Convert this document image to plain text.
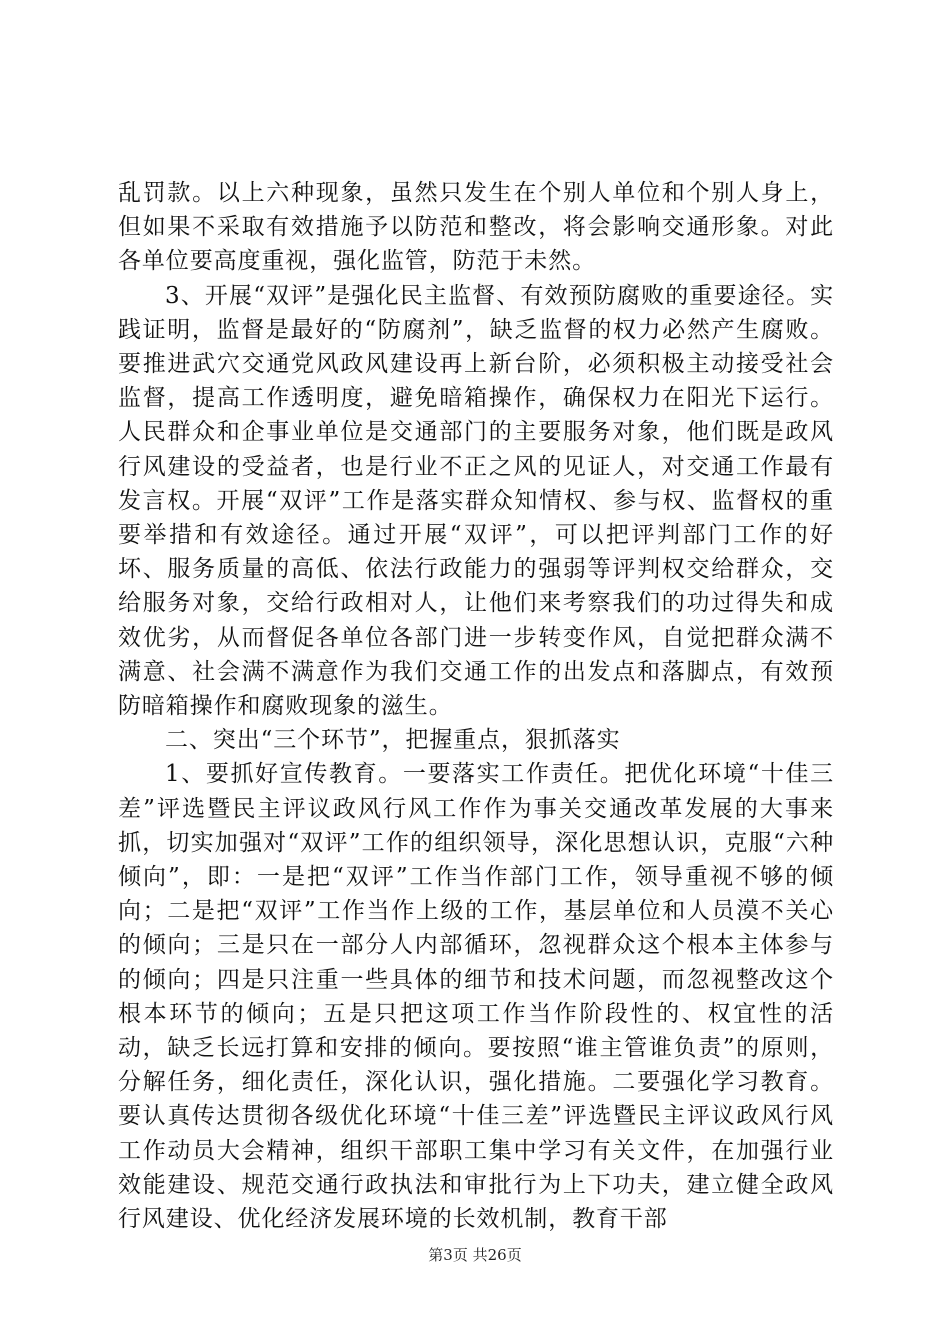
乱罚款。以上六种现象，虽然只发生在个别人单位和个别人身上，但如果不采取有效措施予以防范和整改，将会影响交通形象。对此各单位要高度重视，强化监管，防范于未然。

3、开展“双评”是强化民主监督、有效预防腐败的重要途径。实践证明，监督是最好的“防腐剂”，缺乏监督的权力必然产生腐败。要推进武穴交通党风政风建设再上新台阶，必须积极主动接受社会监督，提高工作透明度，避免暗箱操作，确保权力在阳光下运行。人民群众和企事业单位是交通部门的主要服务对象，他们既是政风行风建设的受益者，也是行业不正之风的见证人，对交通工作最有发言权。开展“双评”工作是落实群众知情权、参与权、监督权的重要举措和有效途径。通过开展“双评”，可以把评判部门工作的好坏、服务质量的高低、依法行政能力的强弱等评判权交给群众，交给服务对象，交给行政相对人，让他们来考察我们的功过得失和成效优劣，从而督促各单位各部门进一步转变作风，自觉把群众满不满意、社会满不满意作为我们交通工作的出发点和落脚点，有效预防暗箱操作和腐败现象的滋生。

二、突出“三个环节”，把握重点，狠抓落实

1、要抓好宣传教育。一要落实工作责任。把优化环境“十佳三差”评选暨民主评议政风行风工作作为事关交通改革发展的大事来抓，切实加强对“双评”工作的组织领导，深化思想认识，克服“六种倾向”，即：一是把“双评”工作当作部门工作，领导重视不够的倾向；二是把“双评”工作当作上级的工作，基层单位和人员漠不关心的倾向；三是只在一部分人内部循环，忽视群众这个根本主体参与的倾向；四是只注重一些具体的细节和技术问题，而忽视整改这个根本环节的倾向；五是只把这项工作当作阶段性的、权宜性的活动，缺乏长远打算和安排的倾向。要按照“谁主管谁负责”的原则，分解任务，细化责任，深化认识，强化措施。二要强化学习教育。要认真传达贯彻各级优化环境“十佳三差”评选暨民主评议政风行风工作动员大会精神，组织干部职工集中学习有关文件，在加强行业效能建设、规范交通行政执法和审批行为上下功夫，建立健全政风行风建设、优化经济发展环境的长效机制，教育干部

第3页 共26页
